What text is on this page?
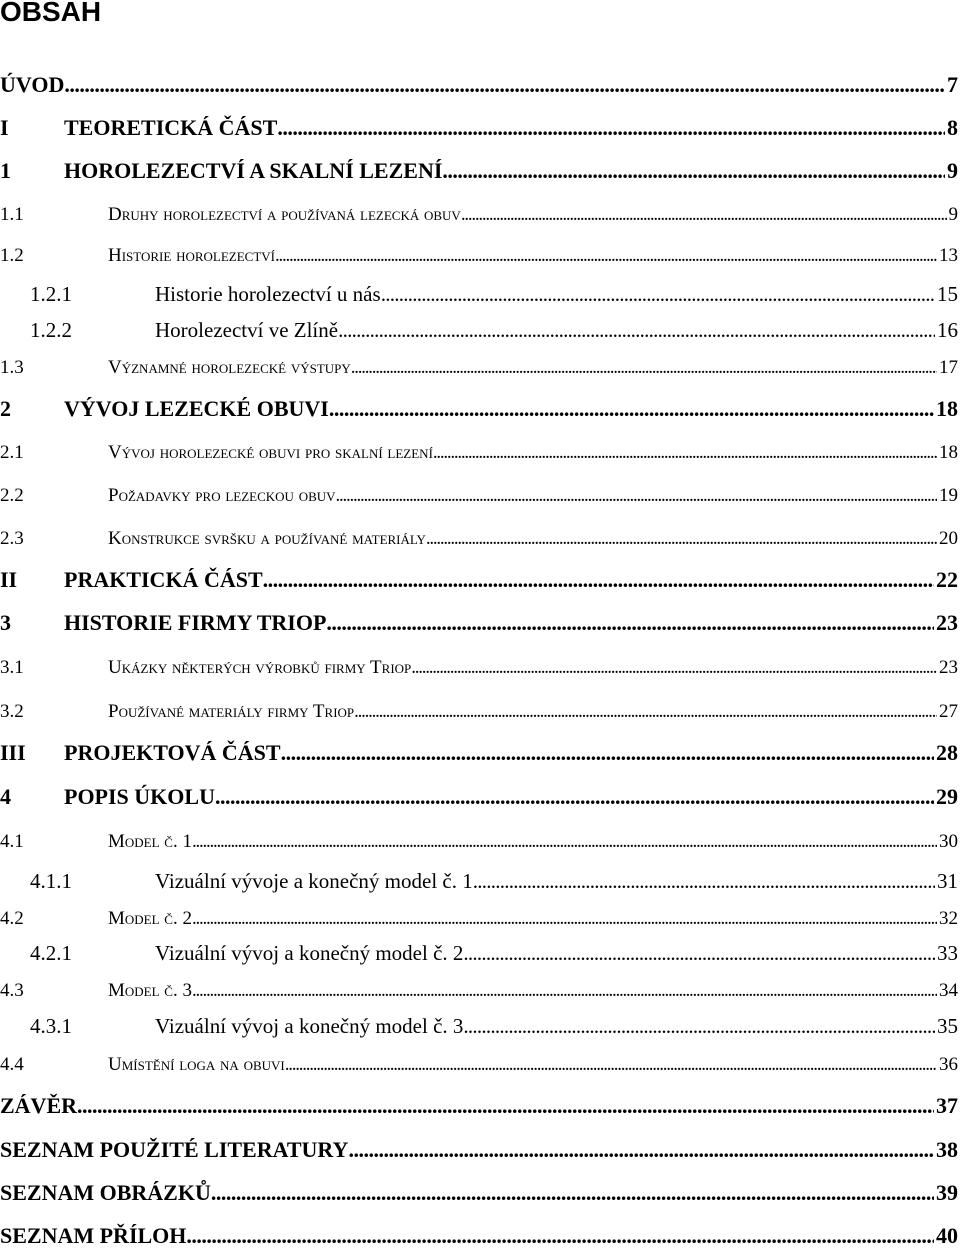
OBSAH
ÚVOD . . .	7
I	TEORETICKÁ ČÁST . . .	8
1 HOROLEZECTVÍ A SKALNÍ LEZENÍ . . .	9
1.1	Druhy horolezectví a používaná lezecká obuv . . .	9
1.2	Historie horolezectví . . .	13
1.2.1	Historie horolezectví u nás . . .	15
1.2.2	Horolezectví ve Zlíně . . .	16
1.3	Významné horolezecké výstupy . . .	17
2 VÝVOJ LEZECKÉ OBUVI . . .	18
2.1	Vývoj horolezecké obuvi pro skalní lezení . . .	18
2.2	Požadavky pro lezeckou obuv . . .	19
2.3	Konstrukce svršku a používané materiály . . .	20
II PRAKTICKÁ ČÁST . . .	22
3 HISTORIE FIRMY TRIOP . . .	23
3.1	Ukázky některých výrobků firmy Triop . . .	23
3.2	Používané materiály firmy Triop . . .	27
III PROJEKTOVÁ ČÁST . . .	28
4 POPIS ÚKOLU . . .	29
4.1	Model č. 1 . . .	30
4.1.1	Vizuální vývoje a konečný model č. 1 . . .	31
4.2	Model č. 2 . . .	32
4.2.1	Vizuální vývoj a konečný model č. 2 . . .	33
4.3	Model č. 3 . . .	34
4.3.1	Vizuální vývoj a konečný model č. 3 . . .	35
4.4	Umístění loga na obuvi . . .	36
ZÁVĚR . . .	37
SEZNAM POUŽITÉ LITERATURY . . .	38
SEZNAM OBRÁZKŮ . . .	39
SEZNAM PŘÍLOH . . .	40
